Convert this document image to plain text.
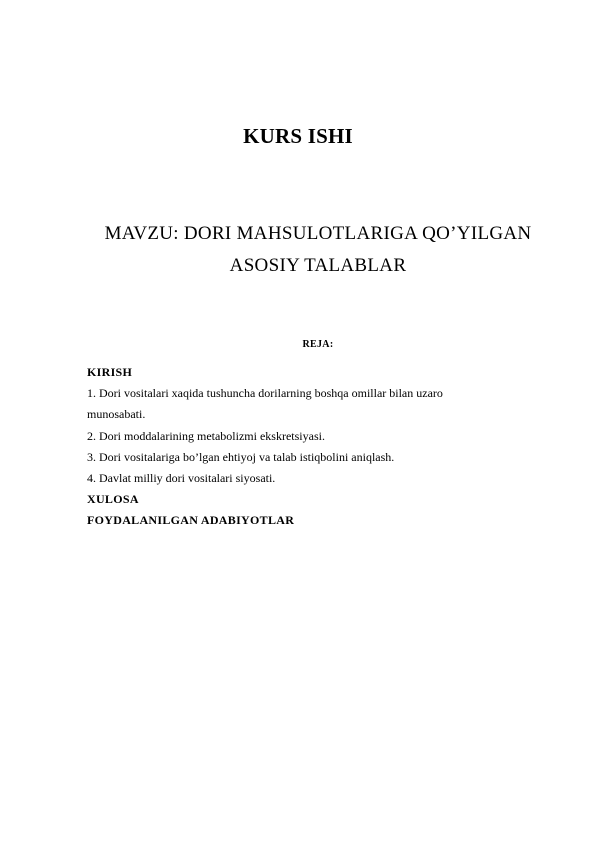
KURS ISHI
MAVZU: DORI MAHSULOTLARIGA QO’YILGAN
ASOSIY TALABLAR
REJA:
KIRISH
1. Dori vositalari xaqida tushuncha dorilarning boshqa omillar bilan uzaro
munosabati.
2. Dori moddalarining metabolizmi ekskretsiyasi.
3. Dori vositalariga bo’lgan ehtiyoj va talab istiqbolini aniqlash.
4. Davlat milliy dori vositalari siyosati.
XULOSA
FOYDALANILGAN ADABIYOTLAR
